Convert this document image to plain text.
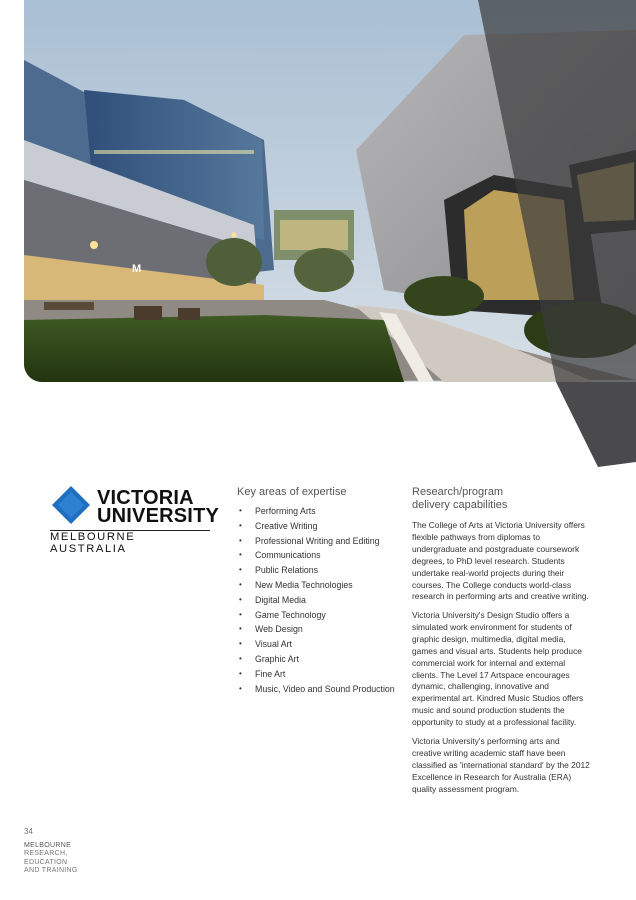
M
VICTORIA
UNIVERSITY
MELBOURNE AUSTRALIA
Key areas of expertise
• Performing Arts
• Creative Writing
• Professional Writing and Editing
• Communications
• Public Relations
• New Media Technologies
• Digital Media
• Game Technology
• Web Design
• Visual Art
• Graphic Art
• Fine Art
• Music, Video and Sound Production
Research/program
delivery capabilities

The College of Arts at Victoria University offers flexible pathways from diplomas to undergraduate and postgraduate coursework degrees, to PhD level research. Students undertake real-world projects during their courses. The College conducts world-class research in performing arts and creative writing.

Victoria University's Design Studio offers a simulated work environment for students of graphic design, multimedia, digital media, games and visual arts. Students help produce commercial work for internal and external clients. The Level 17 Artspace encourages dynamic, challenging, innovative and experimental art. Kindred Music Studios offers music and sound production students the opportunity to study at a professional facility.

Victoria University's performing arts and creative writing academic staff have been classified as 'international standard' by the 2012 Excellence in Research for Australia (ERA) quality assessment program.

34
MELBOURNE
RESEARCH,
EDUCATION
AND TRAINING
